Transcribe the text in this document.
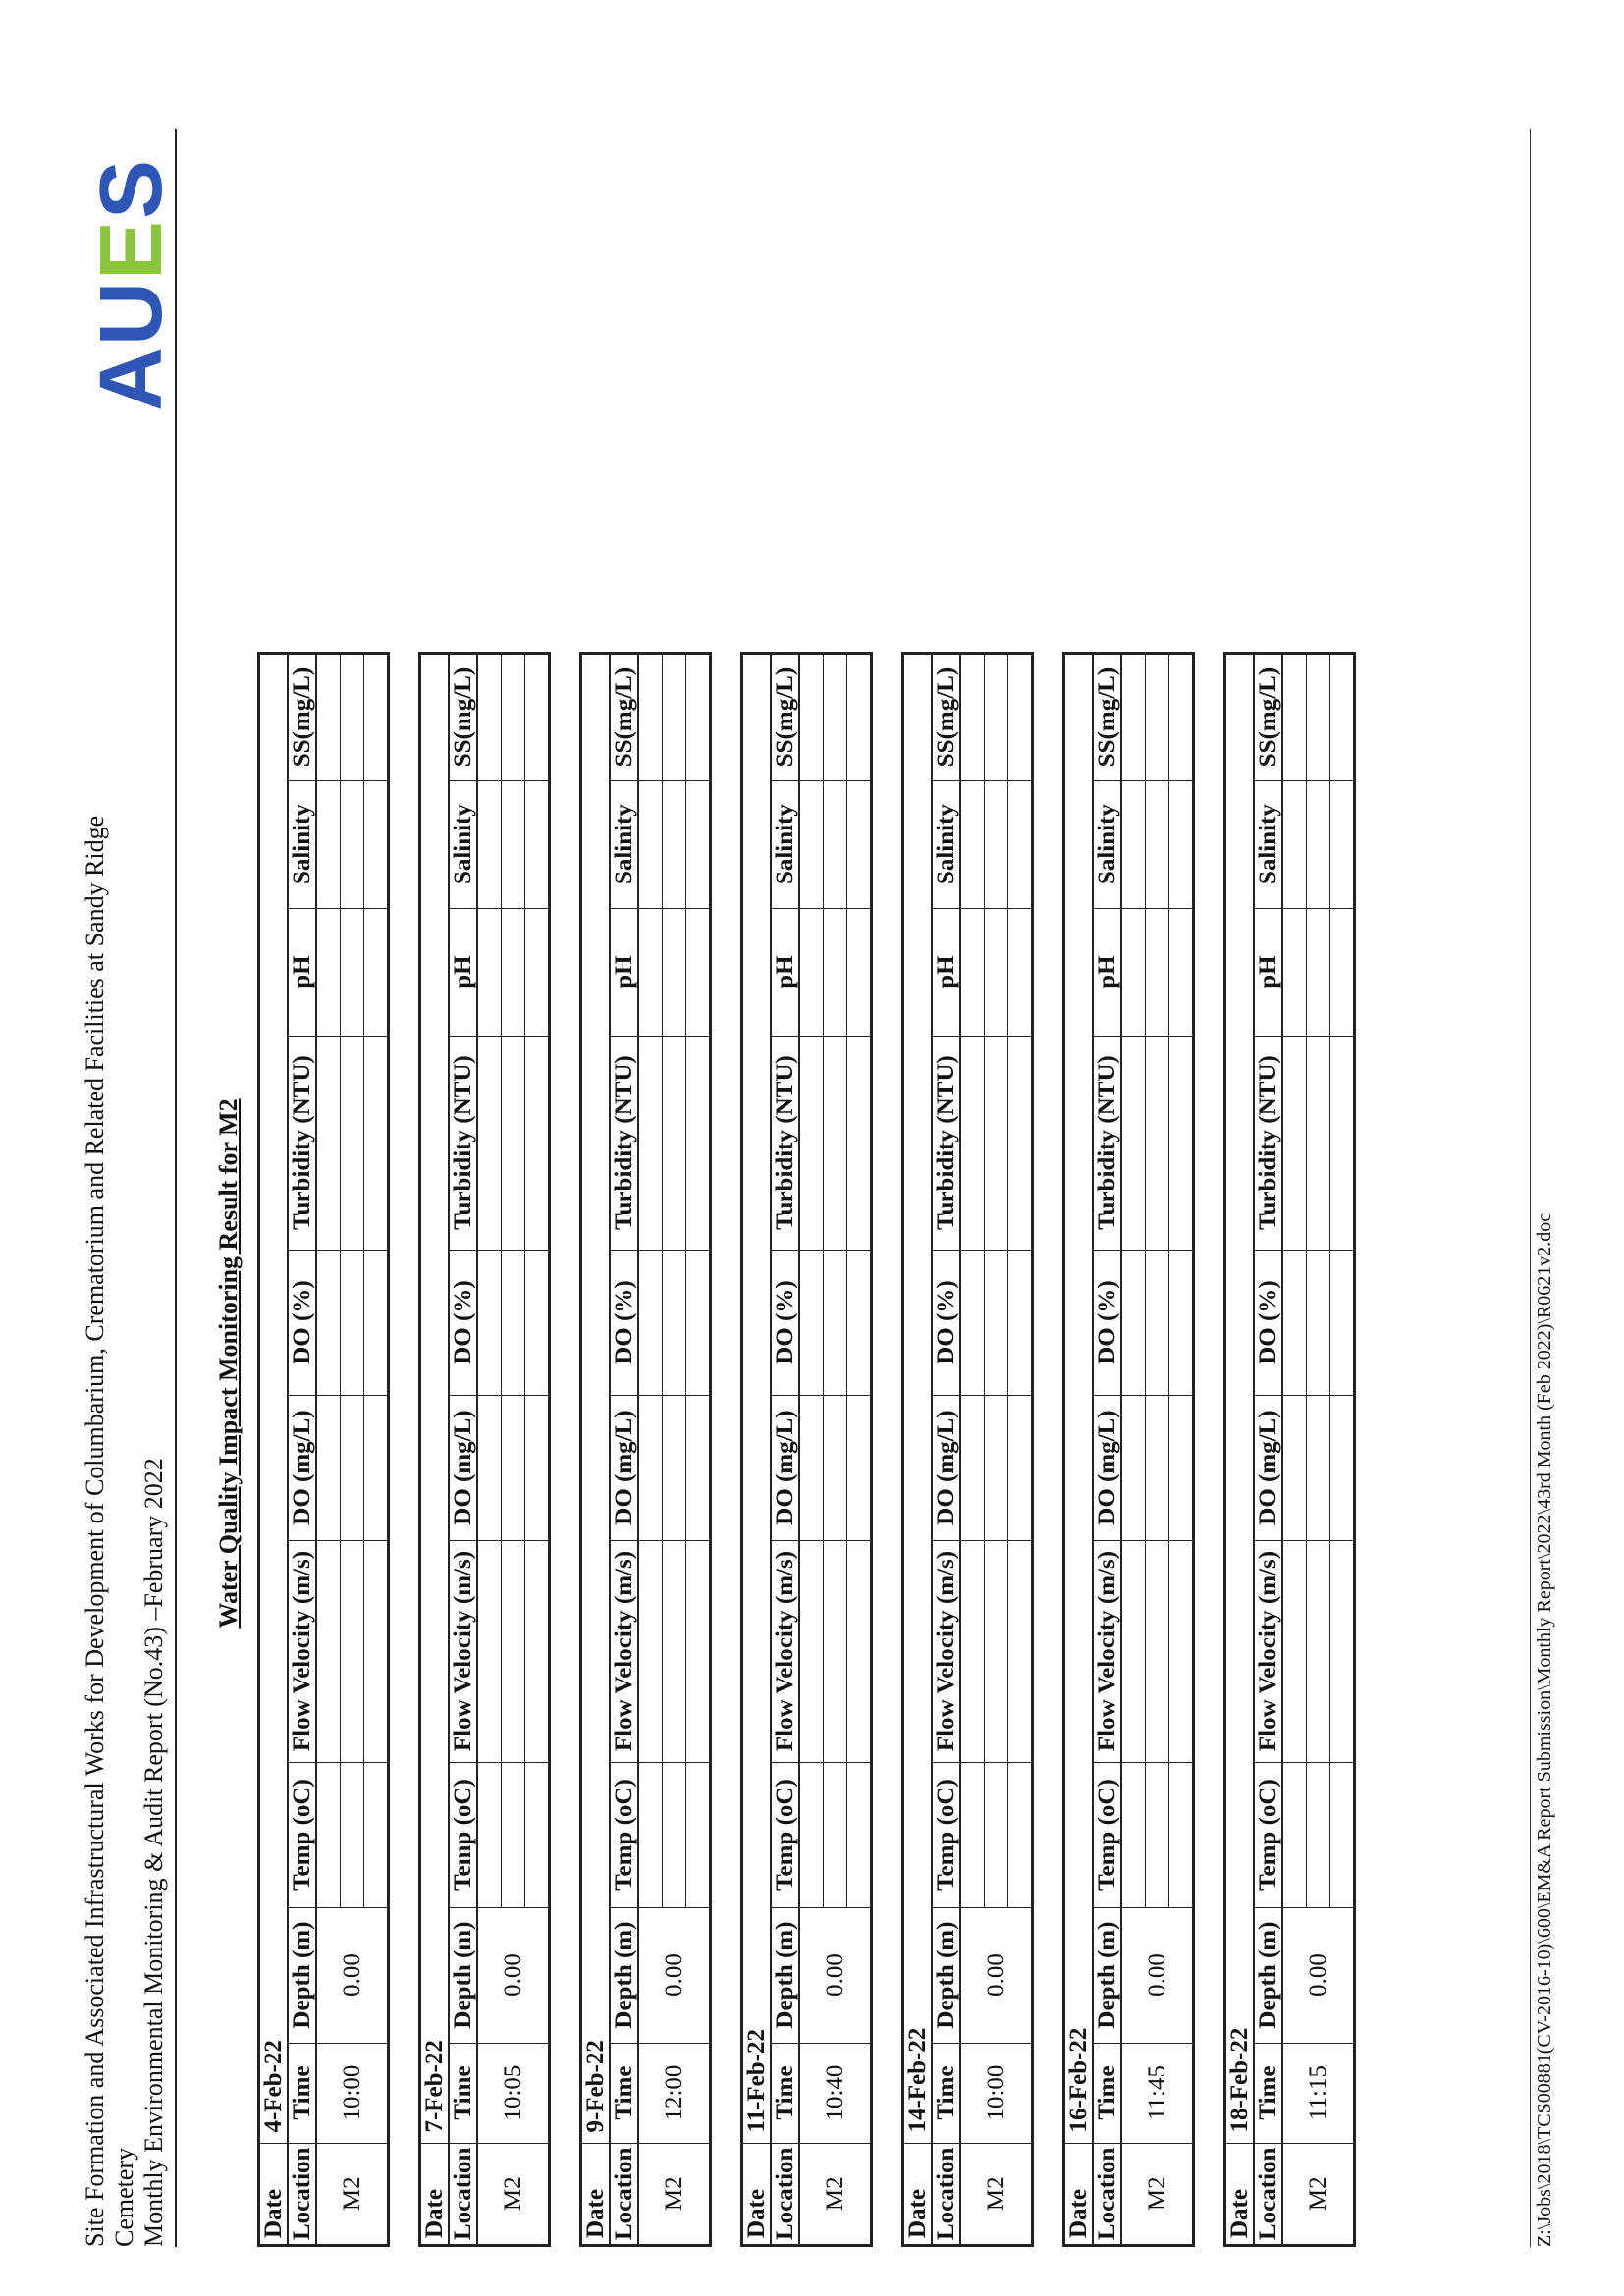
Site Formation and Associated Infrastructural Works for Development of Columbarium, Crematorium and Related Facilities at Sandy Ridge Cemetery Monthly Environmental Monitoring & Audit Report (No.43) –February 2022
AUES
Water Quality Impact Monitoring Result for M2
Date	4-Feb-22									
Location	Time	Depth (m)	Temp (oC)	Flow Velocity (m/s)	DO (mg/L)	DO (%)	Turbidity (NTU)	pH	Salinity	SS(mg/L)
M2	10:00	0.00								

Date	7-Feb-22									
Location	Time	Depth (m)	Temp (oC)	Flow Velocity (m/s)	DO (mg/L)	DO (%)	Turbidity (NTU)	pH	Salinity	SS(mg/L)
M2	10:05	0.00								

Date	9-Feb-22									
Location	Time	Depth (m)	Temp (oC)	Flow Velocity (m/s)	DO (mg/L)	DO (%)	Turbidity (NTU)	pH	Salinity	SS(mg/L)
M2	12:00	0.00								

Date	11-Feb-22									
Location	Time	Depth (m)	Temp (oC)	Flow Velocity (m/s)	DO (mg/L)	DO (%)	Turbidity (NTU)	pH	Salinity	SS(mg/L)
M2	10:40	0.00								

Date	14-Feb-22									
Location	Time	Depth (m)	Temp (oC)	Flow Velocity (m/s)	DO (mg/L)	DO (%)	Turbidity (NTU)	pH	Salinity	SS(mg/L)
M2	10:00	0.00								

Date	16-Feb-22									
Location	Time	Depth (m)	Temp (oC)	Flow Velocity (m/s)	DO (mg/L)	DO (%)	Turbidity (NTU)	pH	Salinity	SS(mg/L)
M2	11:45	0.00								

Date	18-Feb-22									
Location	Time	Depth (m)	Temp (oC)	Flow Velocity (m/s)	DO (mg/L)	DO (%)	Turbidity (NTU)	pH	Salinity	SS(mg/L)
M2	11:15	0.00								

								Z:\Jobs\2018\TCS00881(CV-2016-10)\600\EM&A Report Submission\Monthly Report\2022\43rd Month (Feb 2022)\R0621v2.doc
